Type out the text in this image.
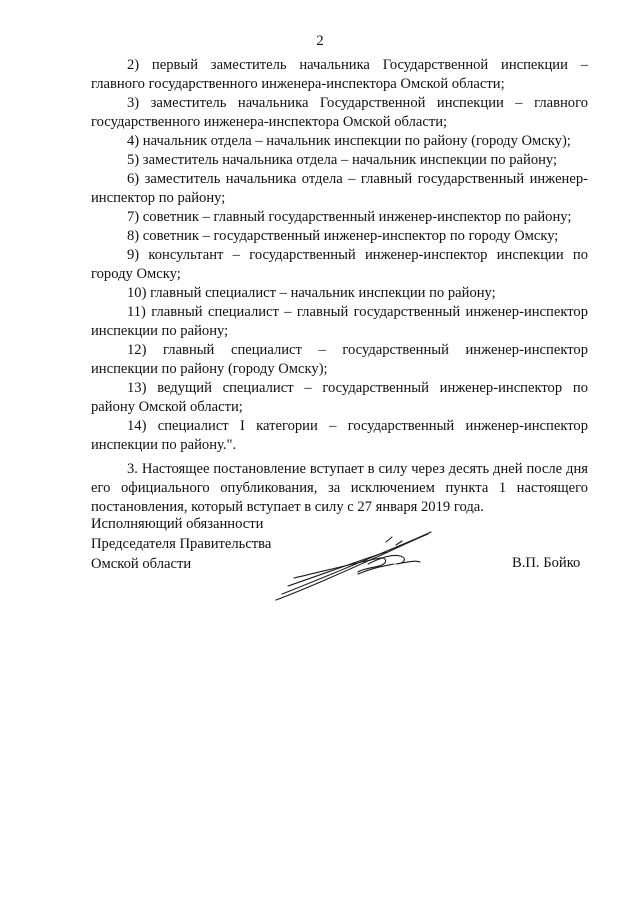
2

2) первый заместитель начальника Государственной инспекции – главного государственного инженера-инспектора Омской области;

3) заместитель начальника Государственной инспекции – главного государственного инженера-инспектора Омской области;

4) начальник отдела – начальник инспекции по району (городу Омску);

5) заместитель начальника отдела – начальник инспекции по району;

6) заместитель начальника отдела – главный государственный инженер-инспектор по району;

7) советник – главный государственный инженер-инспектор по району;

8) советник – государственный инженер-инспектор по городу Омску;

9) консультант – государственный инженер-инспектор инспекции по городу Омску;

10) главный специалист – начальник инспекции по району;

11) главный специалист – главный государственный инженер-инспектор инспекции по району;

12) главный специалист – государственный инженер-инспектор инспекции по району (городу Омску);

13) ведущий специалист – государственный инженер-инспектор по району Омской области;

14) специалист I категории – государственный инженер-инспектор инспекции по району.".

3. Настоящее постановление вступает в силу через десять дней после дня его официального опубликования, за исключением пункта 1 настоящего постановления, который вступает в силу с 27 января 2019 года.

Исполняющий обязанности
Председателя Правительства
Омской области	В.П. Бойко
